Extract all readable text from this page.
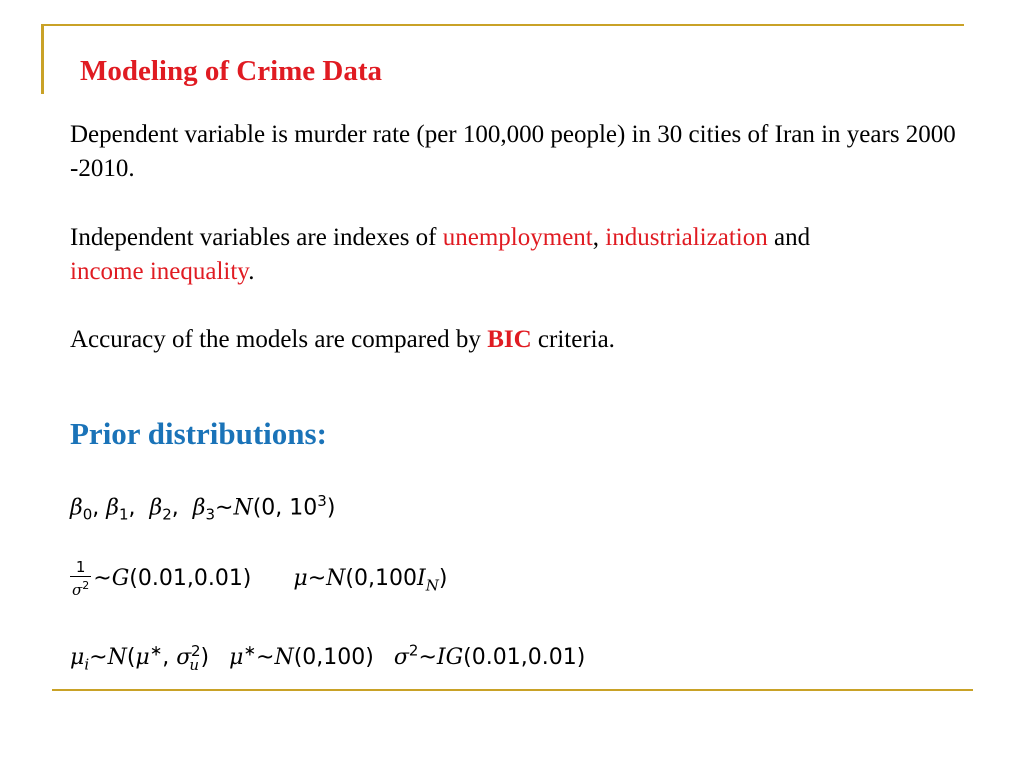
Modeling of Crime Data
Dependent variable is murder rate (per 100,000 people) in 30 cities of Iran in years 2000 -2010.
Independent variables are indexes of unemployment, industrialization and
income inequality.
Accuracy of the models are compared by BIC criteria.
Prior distributions:
$\beta_0$, $\beta_1$,  $\beta_2$,  $\beta_3\sim N(0$, $10^3$)
$\frac{1}{\sigma^2}$ ~G(0.01,0.01) $\mu\sim N(0,100I_N)$
$\mu_i\sim N(\mu^∗$, $\sigma_u^2$) μ∗~N(0,100) $\sigma^2\sim IG(0.01,0.01)$
